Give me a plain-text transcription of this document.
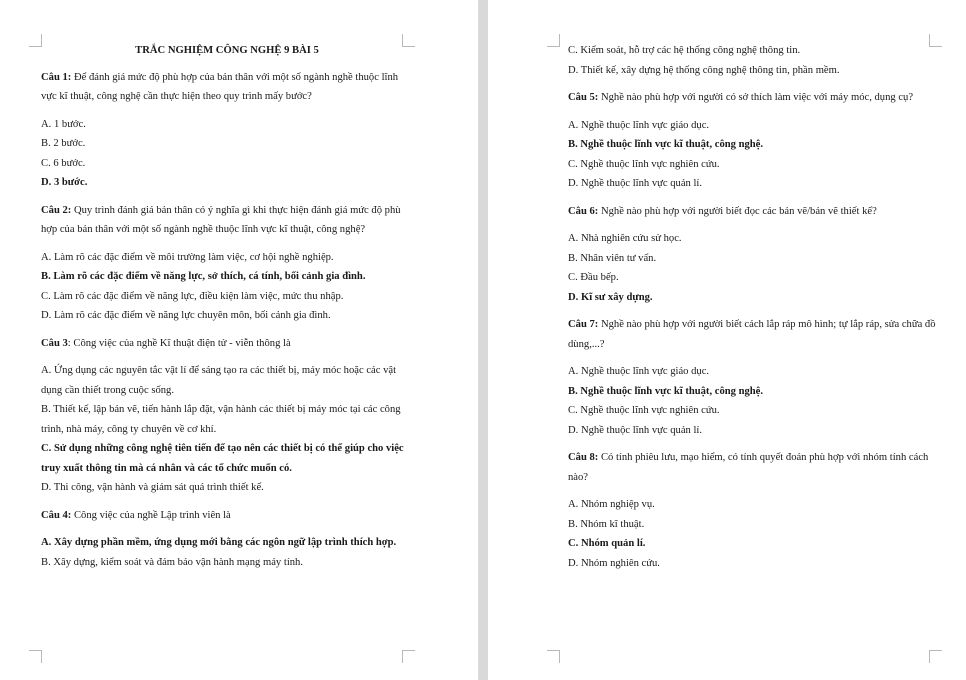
TRẮC NGHIỆM CÔNG NGHỆ 9 BÀI 5

Câu 1: Để đánh giá mức độ phù hợp của bản thân với một số ngành nghề thuộc lĩnh vực kĩ thuật, công nghệ cần thực hiện theo quy trình mấy bước?

A. 1 bước.

B. 2 bước.

C. 6 bước.

D. 3 bước.

Câu 2: Quy trình đánh giá bản thân có ý nghĩa gì khi thực hiện đánh giá mức độ phù hợp của bản thân với một số ngành nghề thuộc lĩnh vực kĩ thuật, công nghệ?

A. Làm rõ các đặc điểm về môi trường làm việc, cơ hội nghề nghiệp.

B. Làm rõ các đặc điểm về năng lực, sở thích, cá tính, bối cảnh gia đình.

C. Làm rõ các đặc điểm về năng lực, điều kiện làm việc, mức thu nhập.

D. Làm rõ các đặc điểm về năng lực chuyên môn, bối cảnh gia đình.

Câu 3: Công việc của nghề Kĩ thuật điện tử - viễn thông là

A. Ứng dụng các nguyên tắc vật lí để sáng tạo ra các thiết bị, máy móc hoặc các vật dụng cần thiết trong cuộc sống.

B. Thiết kế, lập bản vẽ, tiến hành lắp đặt, vận hành các thiết bị máy móc tại các công trình, nhà máy, công ty chuyên về cơ khí.

C. Sử dụng những công nghệ tiên tiến để tạo nên các thiết bị có thể giúp cho việc truy xuất thông tin mà cá nhân và các tổ chức muốn có.

D. Thi công, vận hành và giám sát quá trình thiết kế.

Câu 4: Công việc của nghề Lập trình viên là

A. Xây dựng phần mềm, ứng dụng mới bằng các ngôn ngữ lập trình thích hợp.

B. Xây dựng, kiểm soát và đảm bảo vận hành mạng máy tính.

C. Kiểm soát, hỗ trợ các hệ thống công nghệ thông tin.

D. Thiết kế, xây dựng hệ thống công nghệ thông tin, phần mềm.

Câu 5: Nghề nào phù hợp với người có sở thích làm việc với máy móc, dụng cụ?

A. Nghề thuộc lĩnh vực giáo dục.

B. Nghề thuộc lĩnh vực kĩ thuật, công nghệ.

C. Nghề thuộc lĩnh vực nghiên cứu.

D. Nghề thuộc lĩnh vực quản lí.

Câu 6: Nghề nào phù hợp với người biết đọc các bản vẽ/bản vẽ thiết kế?

A. Nhà nghiên cứu sử học.

B. Nhân viên tư vấn.

C. Đầu bếp.

D. Kĩ sư xây dựng.

Câu 7: Nghề nào phù hợp với người biết cách lắp ráp mô hình; tự lắp ráp, sửa chữa đồ dùng,...?

A. Nghề thuộc lĩnh vực giáo dục.

B. Nghề thuộc lĩnh vực kĩ thuật, công nghệ.

C. Nghề thuộc lĩnh vực nghiên cứu.

D. Nghề thuộc lĩnh vực quản lí.

Câu 8: Có tính phiêu lưu, mạo hiểm, có tính quyết đoán phù hợp với nhóm tính cách nào?

A. Nhóm nghiệp vụ.

B. Nhóm kĩ thuật.

C. Nhóm quản lí.

D. Nhóm nghiên cứu.
